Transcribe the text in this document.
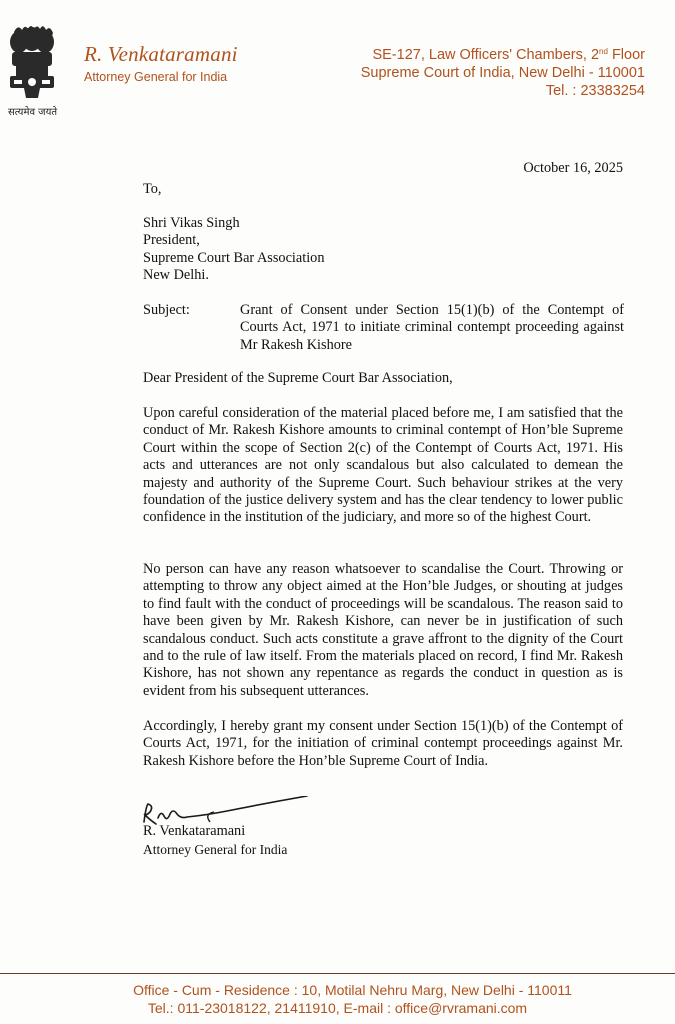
सत्यमेव जयते
R. Venkataramani
Attorney General for India
SE-127, Law Officers' Chambers, 2nd Floor
Supreme Court of India, New Delhi - 110001
Tel. : 23383254
October 16, 2025
To,
Shri Vikas Singh
President,
Supreme Court Bar Association
New Delhi.
Subject:	Grant of Consent under Section 15(1)(b) of the Contempt of Courts Act, 1971 to initiate criminal contempt proceeding against Mr Rakesh Kishore
Dear President of the Supreme Court Bar Association,
Upon careful consideration of the material placed before me, I am satisfied that the conduct of Mr. Rakesh Kishore amounts to criminal contempt of Hon’ble Supreme Court within the scope of Section 2(c) of the Contempt of Courts Act, 1971. His acts and utterances are not only scandalous but also calculated to demean the majesty and authority of the Supreme Court. Such behaviour strikes at the very foundation of the justice delivery system and has the clear tendency to lower public confidence in the institution of the judiciary, and more so of the highest Court.
No person can have any reason whatsoever to scandalise the Court. Throwing or attempting to throw any object aimed at the Hon’ble Judges, or shouting at judges to find fault with the conduct of proceedings will be scandalous. The reason said to have been given by Mr. Rakesh Kishore, can never be in justification of such scandalous conduct. Such acts constitute a grave affront to the dignity of the Court and to the rule of law itself. From the materials placed on record, I find Mr. Rakesh Kishore, has not shown any repentance as regards the conduct in question as is evident from his subsequent utterances.
Accordingly, I hereby grant my consent under Section 15(1)(b) of the Contempt of Courts Act, 1971, for the initiation of criminal contempt proceedings against Mr. Rakesh Kishore before the Hon’ble Supreme Court of India.
R. Venkataramani
Attorney General for India
Office - Cum - Residence : 10, Motilal Nehru Marg, New Delhi - 110011
Tel.: 011-23018122, 21411910, E-mail : office@rvramani.com
